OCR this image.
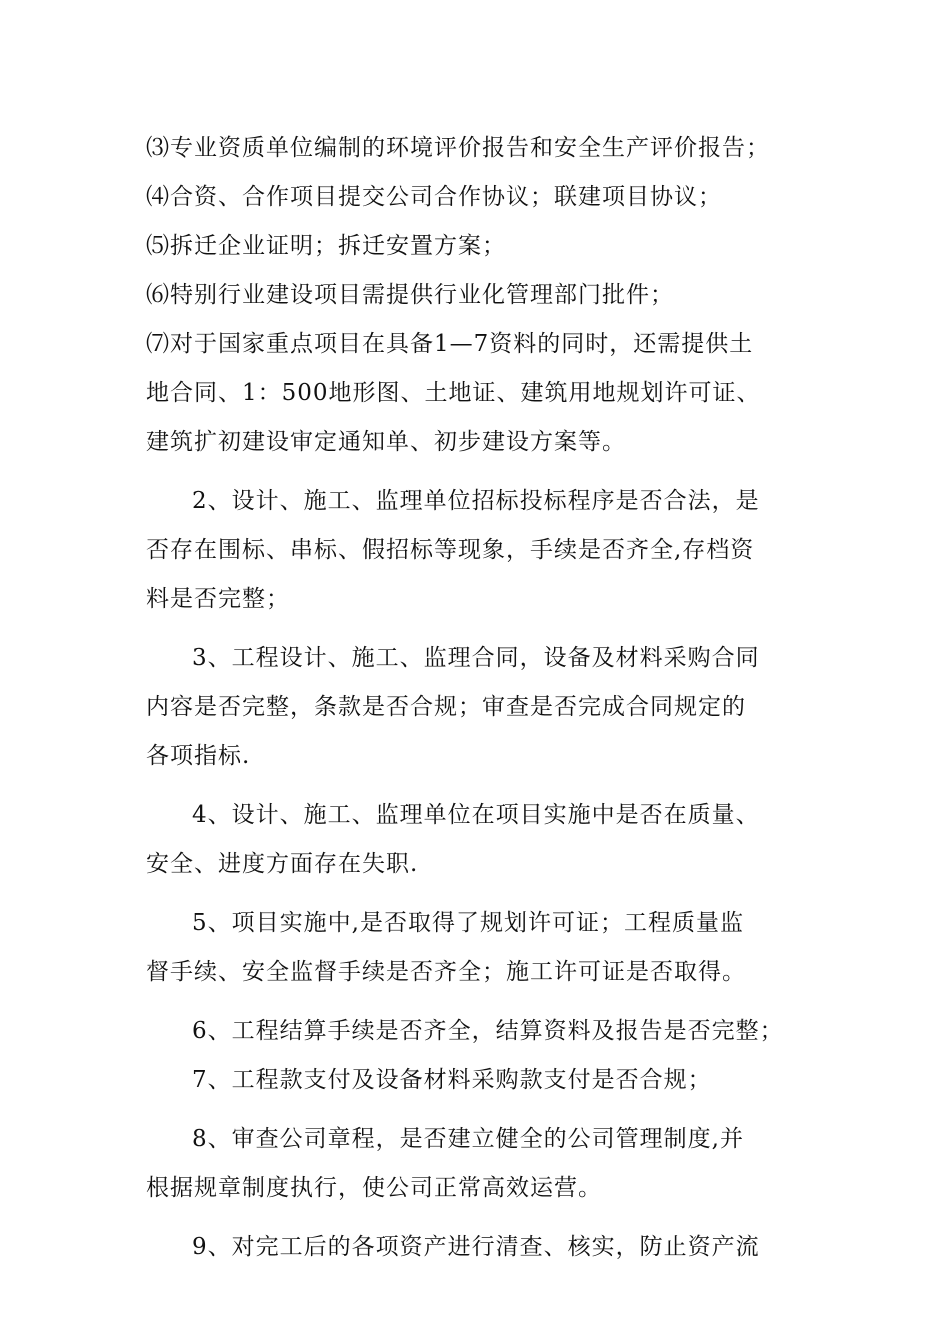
⑶专业资质单位编制的环境评价报告和安全生产评价报告；
⑷合资、合作项目提交公司合作协议；联建项目协议；
⑸拆迁企业证明；拆迁安置方案；
⑹特别行业建设项目需提供行业化管理部门批件；
⑺对于国家重点项目在具备1—7资料的同时，还需提供土
地合同、1：500地形图、土地证、建筑用地规划许可证、
建筑扩初建设审定通知单、初步建设方案等。
2、设计、施工、监理单位招标投标程序是否合法，是
否存在围标、串标、假招标等现象，手续是否齐全,存档资
料是否完整；
3、工程设计、施工、监理合同，设备及材料采购合同
内容是否完整，条款是否合规；审查是否完成合同规定的
各项指标.
4、设计、施工、监理单位在项目实施中是否在质量、
安全、进度方面存在失职.
5、项目实施中,是否取得了规划许可证；工程质量监
督手续、安全监督手续是否齐全；施工许可证是否取得。
6、工程结算手续是否齐全，结算资料及报告是否完整；
7、工程款支付及设备材料采购款支付是否合规；
8、审查公司章程，是否建立健全的公司管理制度,并
根据规章制度执行，使公司正常高效运营。
9、对完工后的各项资产进行清查、核实，防止资产流
